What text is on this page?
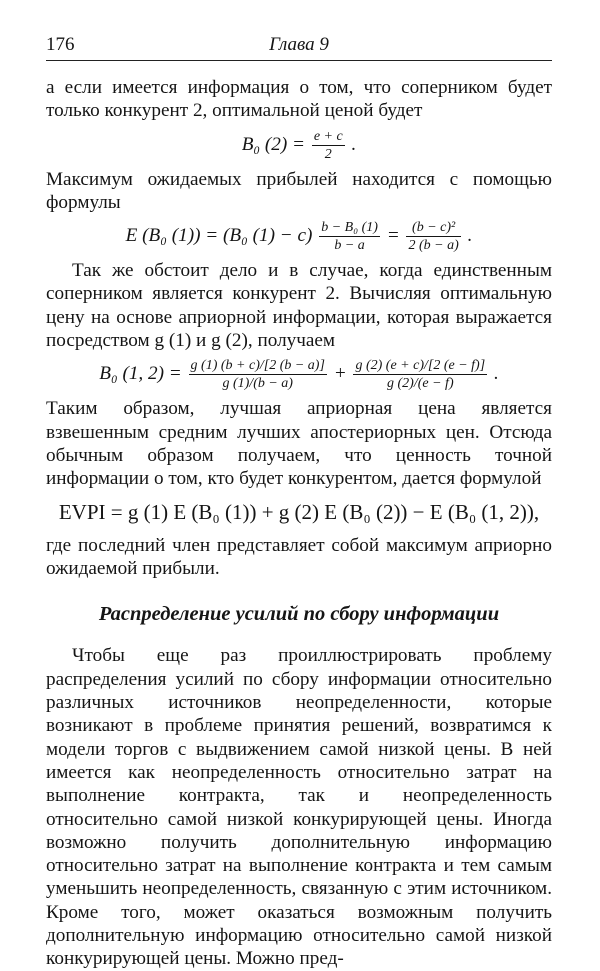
176	Глава 9

а если имеется информация о том, что соперником будет только конкурент 2, оптимальной ценой будет

B₀ $(2) = \frac{e + c}{2}$ .

Максимум ожидаемых прибылей находится с помощью формулы

E (B₀ (1)) = (B₀ $(1) - c) \frac{\text{b − B₀ (1)}}{b - a} = \frac{\text{(b − c)²}}{2 (b - a)}$ .

Так же обстоит дело и в случае, когда единственным соперником является конкурент 2. Вычисляя оптимальную цену на основе априорной информации, которая выражается посредством g (1) и g (2), получаем

B₀ (1, $2) = \frac{g (1) (b + c)/[2 (b - a)]}{g (1)/(b - a)} + \frac{g (2) (e + c)/[2 (e - f)]}{g (2)/(e - f)}$ .

Таким образом, лучшая априорная цена является взвешенным средним лучших апостериорных цен. Отсюда обычным образом получаем, что ценность точной информации о том, кто будет конкурентом, дается формулой

EVPI = g (1) E (B₀ (1)) + g (2) E (B₀ (2)) − E (B₀ (1, 2)),

где последний член представляет собой максимум априорно ожидаемой прибыли.

Распределение усилий по сбору информации

Чтобы еще раз проиллюстрировать проблему распределения усилий по сбору информации относительно различных источников неопределенности, которые возникают в проблеме принятия решений, возвратимся к модели торгов с выдвижением самой низкой цены. В ней имеется как неопределенность относительно затрат на выполнение контракта, так и неопределенность относительно самой низкой конкурирующей цены. Иногда возможно получить дополнительную информацию относительно затрат на выполнение контракта и тем самым уменьшить неопределенность, связанную с этим источником. Кроме того, может оказаться возможным получить дополнительную информацию относительно самой низкой конкурирующей цены. Можно пред-
